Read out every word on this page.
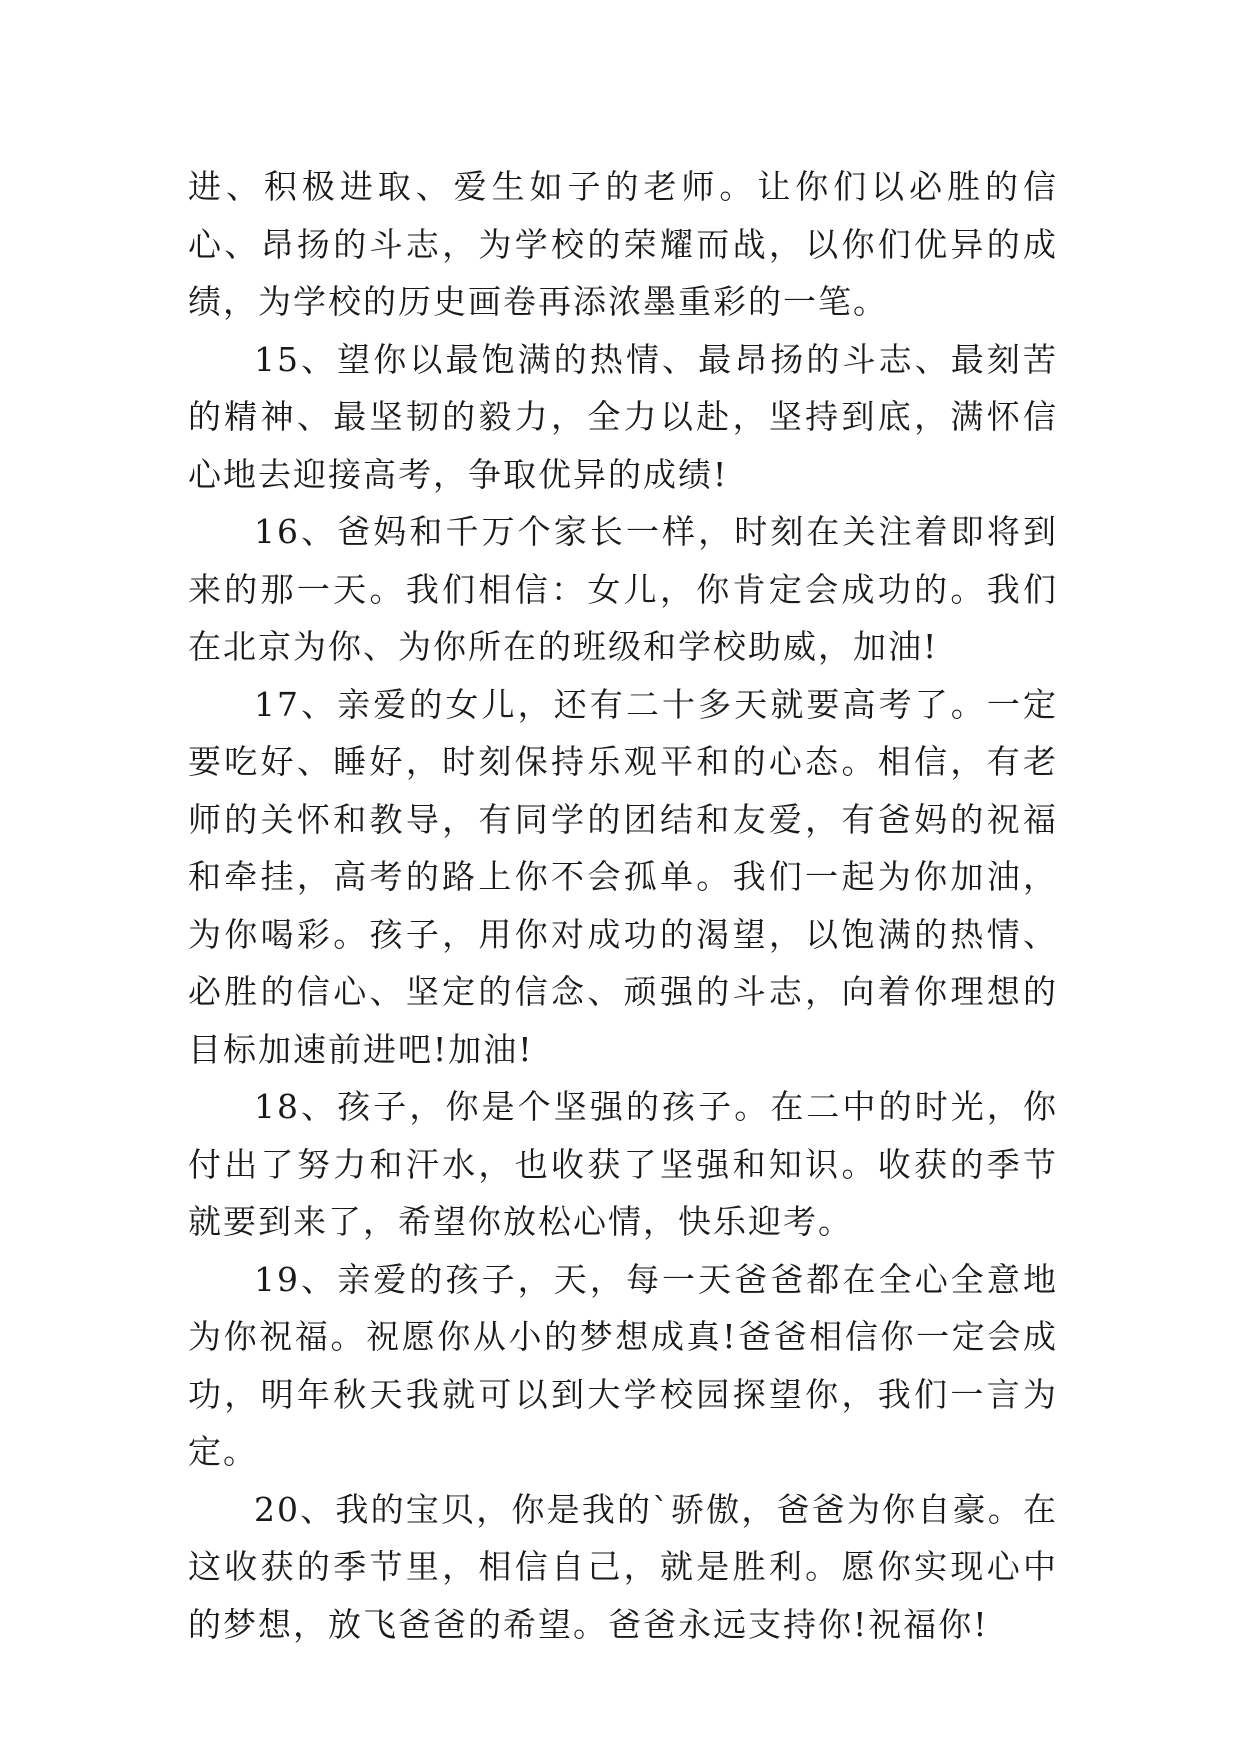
进、积极进取、爱生如子的老师。让你们以必胜的信心、昂扬的斗志，为学校的荣耀而战，以你们优异的成绩，为学校的历史画卷再添浓墨重彩的一笔。

15、望你以最饱满的热情、最昂扬的斗志、最刻苦的精神、最坚韧的毅力，全力以赴，坚持到底，满怀信心地去迎接高考，争取优异的成绩!

16、爸妈和千万个家长一样，时刻在关注着即将到来的那一天。我们相信：女儿，你肯定会成功的。我们在北京为你、为你所在的班级和学校助威，加油!

17、亲爱的女儿，还有二十多天就要高考了。一定要吃好、睡好，时刻保持乐观平和的心态。相信，有老师的关怀和教导，有同学的团结和友爱，有爸妈的祝福和牵挂，高考的路上你不会孤单。我们一起为你加油，为你喝彩。孩子，用你对成功的渴望，以饱满的热情、必胜的信心、坚定的信念、顽强的斗志，向着你理想的目标加速前进吧!加油!

18、孩子，你是个坚强的孩子。在二中的时光，你付出了努力和汗水，也收获了坚强和知识。收获的季节就要到来了，希望你放松心情，快乐迎考。

19、亲爱的孩子，天，每一天爸爸都在全心全意地为你祝福。祝愿你从小的梦想成真!爸爸相信你一定会成功，明年秋天我就可以到大学校园探望你，我们一言为定。

20、我的宝贝，你是我的`骄傲，爸爸为你自豪。在这收获的季节里，相信自己，就是胜利。愿你实现心中的梦想，放飞爸爸的希望。爸爸永远支持你!祝福你!
